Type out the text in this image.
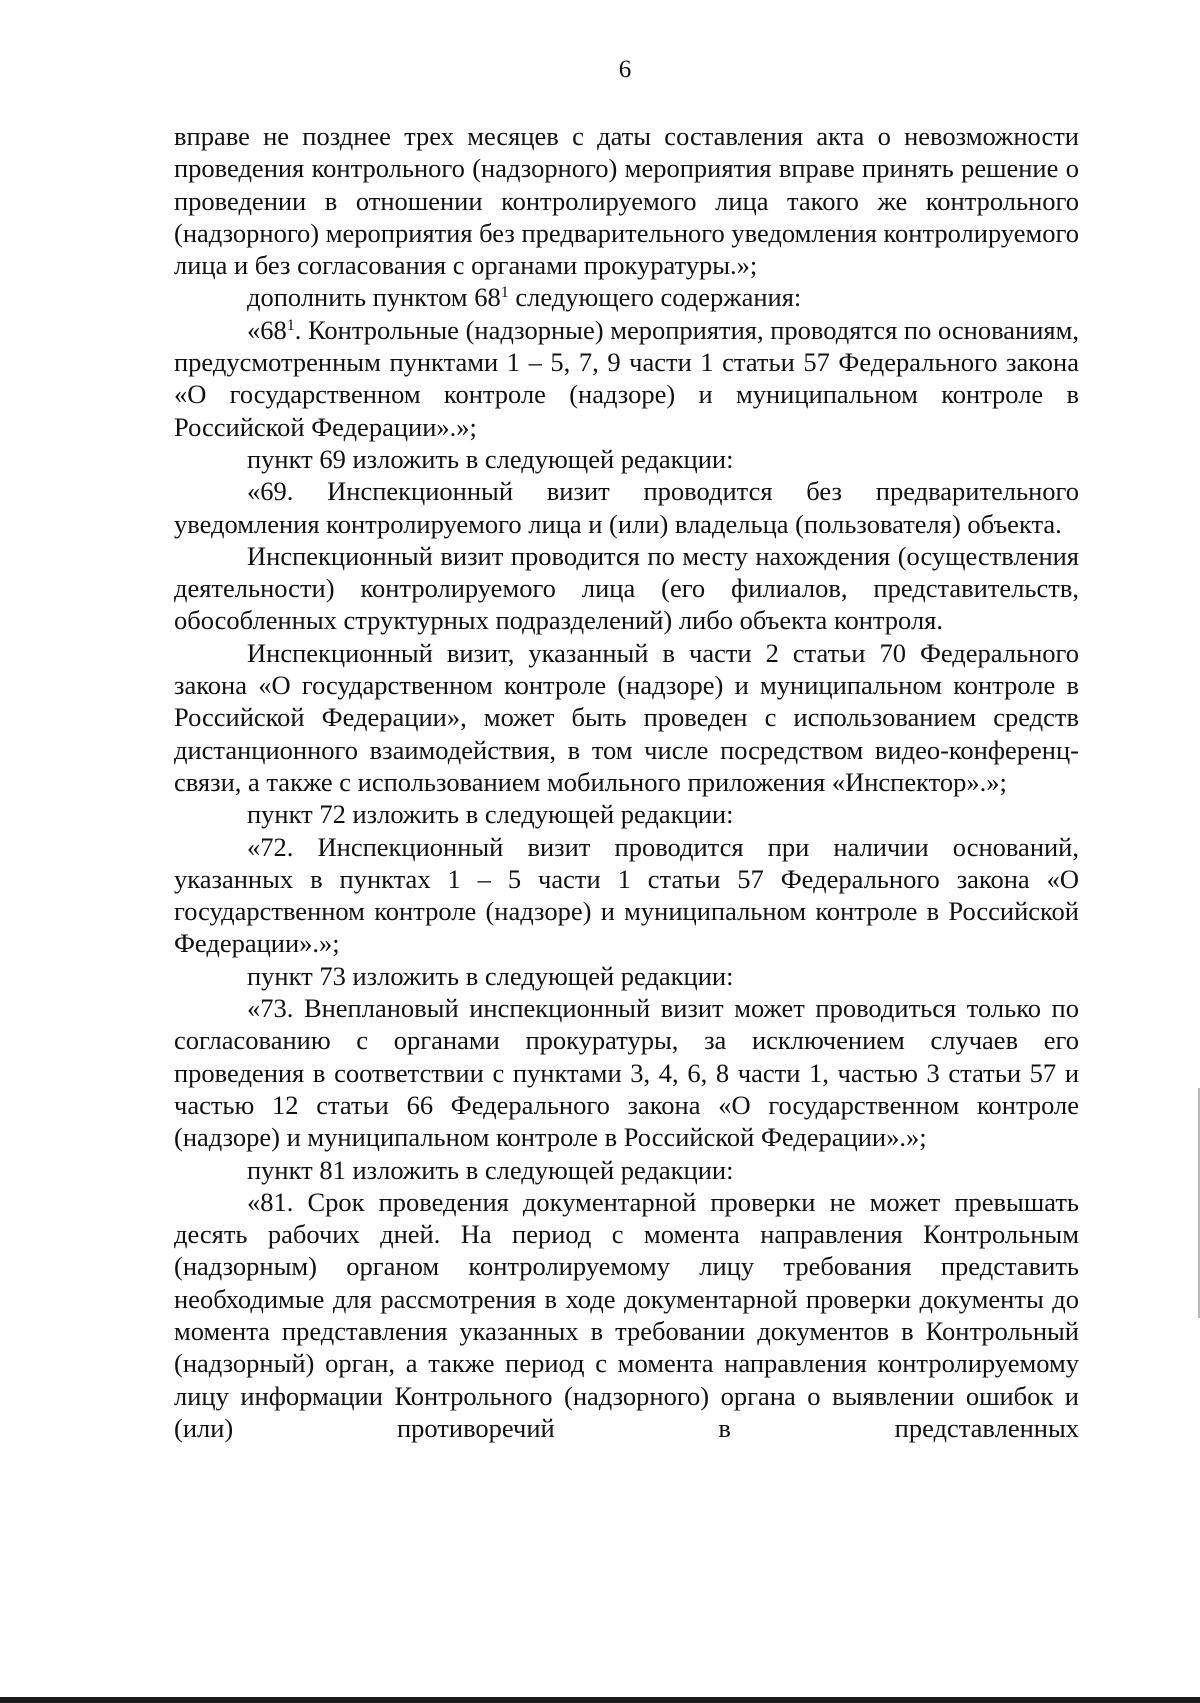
6

вправе не позднее трех месяцев с даты составления акта о невозможности проведения контрольного (надзорного) мероприятия вправе принять решение о проведении в отношении контролируемого лица такого же контрольного (надзорного) мероприятия без предварительного уведомления контролируемого лица и без согласования с органами прокуратуры.»;

дополнить пунктом $68^1$ следующего содержания:

«$68^1$. Контрольные (надзорные) мероприятия, проводятся по основаниям, предусмотренным пунктами 1 – 5, 7, 9 части 1 статьи 57 Федерального закона «О государственном контроле (надзоре) и муниципальном контроле в Российской Федерации».»;

пункт 69 изложить в следующей редакции:

«69. Инспекционный визит проводится без предварительного уведомления контролируемого лица и (или) владельца (пользователя) объекта.

Инспекционный визит проводится по месту нахождения (осуществления деятельности) контролируемого лица (его филиалов, представительств, обособленных структурных подразделений) либо объекта контроля.

Инспекционный визит, указанный в части 2 статьи 70 Федерального закона «О государственном контроле (надзоре) и муниципальном контроле в Российской Федерации», может быть проведен с использованием средств дистанционного взаимодействия, в том числе посредством видео-конференц-связи, а также с использованием мобильного приложения «Инспектор».»;

пункт 72 изложить в следующей редакции:

«72. Инспекционный визит проводится при наличии оснований, указанных в пунктах 1 – 5 части 1 статьи 57 Федерального закона «О государственном контроле (надзоре) и муниципальном контроле в Российской Федерации».»;

пункт 73 изложить в следующей редакции:

«73. Внеплановый инспекционный визит может проводиться только по согласованию с органами прокуратуры, за исключением случаев его проведения в соответствии с пунктами 3, 4, 6, 8 части 1, частью 3 статьи 57 и частью 12 статьи 66 Федерального закона «О государственном контроле (надзоре) и муниципальном контроле в Российской Федерации».»;

пункт 81 изложить в следующей редакции:

«81. Срок проведения документарной проверки не может превышать десять рабочих дней. На период с момента направления Контрольным (надзорным) органом контролируемому лицу требования представить необходимые для рассмотрения в ходе документарной проверки документы до момента представления указанных в требовании документов в Контрольный (надзорный) орган, а также период с момента направления контролируемому лицу информации Контрольного (надзорного) органа о выявлении ошибок и (или) противоречий в представленных
